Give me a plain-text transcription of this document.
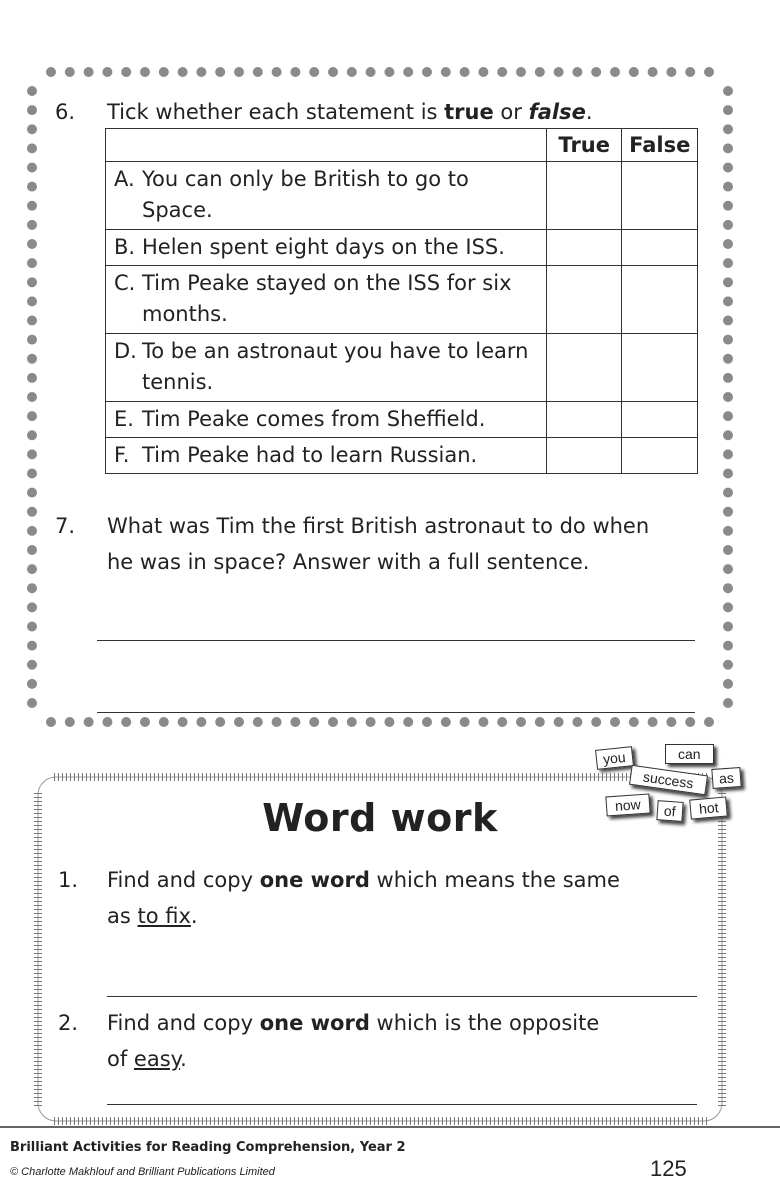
6. Tick whether each statement is true or false.
	True	False

A. You can only be British to go to Space.		

B. Helen spent eight days on the ISS.		

C. Tim Peake stayed on the ISS for six months.		

D. To be an astronaut you have to learn tennis.		

E. Tim Peake comes from Sheffield.		

F. Tim Peake had to learn Russian.		

7. What was Tim the first British astronaut to do when
he was in space? Answer with a full sentence.
you	can
success	as
now	of	hot
Word work
1. Find and copy one word which means the same
as to fix.
2. Find and copy one word which is the opposite
of easy.
Brilliant Activities for Reading Comprehension, Year 2
© Charlotte Makhlouf and Brilliant Publications Limited	125
